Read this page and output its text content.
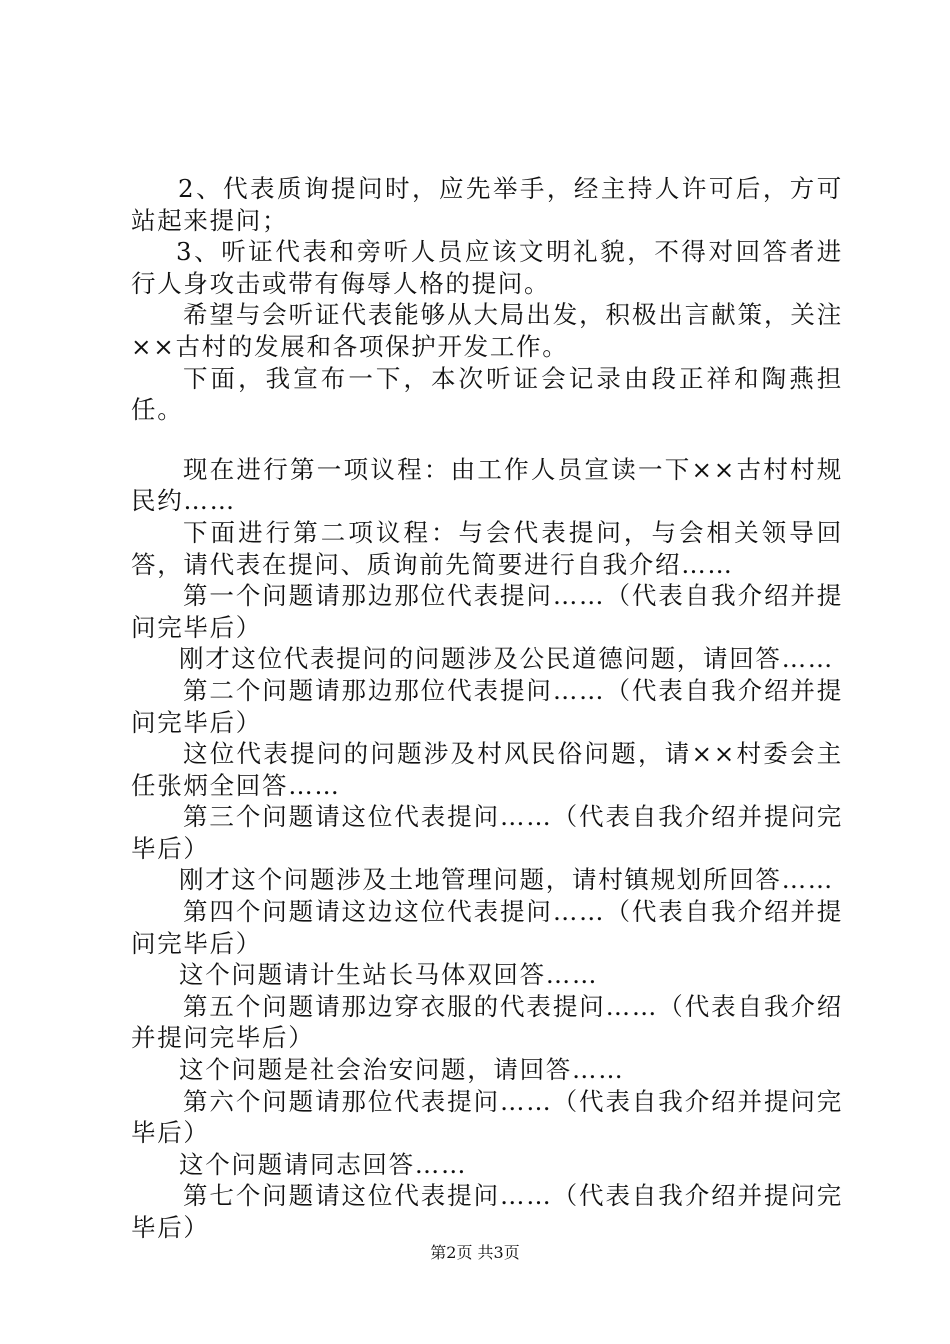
2、代表质询提问时，应先举手，经主持人许可后，方可站起来提问；

3、听证代表和旁听人员应该文明礼貌，不得对回答者进行人身攻击或带有侮辱人格的提问。

希望与会听证代表能够从大局出发，积极出言献策，关注××古村的发展和各项保护开发工作。

下面，我宣布一下，本次听证会记录由段正祥和陶燕担任。

现在进行第一项议程：由工作人员宣读一下××古村村规民约……

下面进行第二项议程：与会代表提问，与会相关领导回答，请代表在提问、质询前先简要进行自我介绍……

第一个问题请那边那位代表提问……（代表自我介绍并提问完毕后）

刚才这位代表提问的问题涉及公民道德问题，请回答……

第二个问题请那边那位代表提问……（代表自我介绍并提问完毕后）

这位代表提问的问题涉及村风民俗问题，请××村委会主任张炳全回答……

第三个问题请这位代表提问……（代表自我介绍并提问完毕后）

刚才这个问题涉及土地管理问题，请村镇规划所回答……

第四个问题请这边这位代表提问……（代表自我介绍并提问完毕后）

这个问题请计生站长马体双回答……

第五个问题请那边穿衣服的代表提问……（代表自我介绍并提问完毕后）

这个问题是社会治安问题，请回答……

第六个问题请那位代表提问……（代表自我介绍并提问完毕后）

这个问题请同志回答……

第七个问题请这位代表提问……（代表自我介绍并提问完毕后）

第2页 共3页
